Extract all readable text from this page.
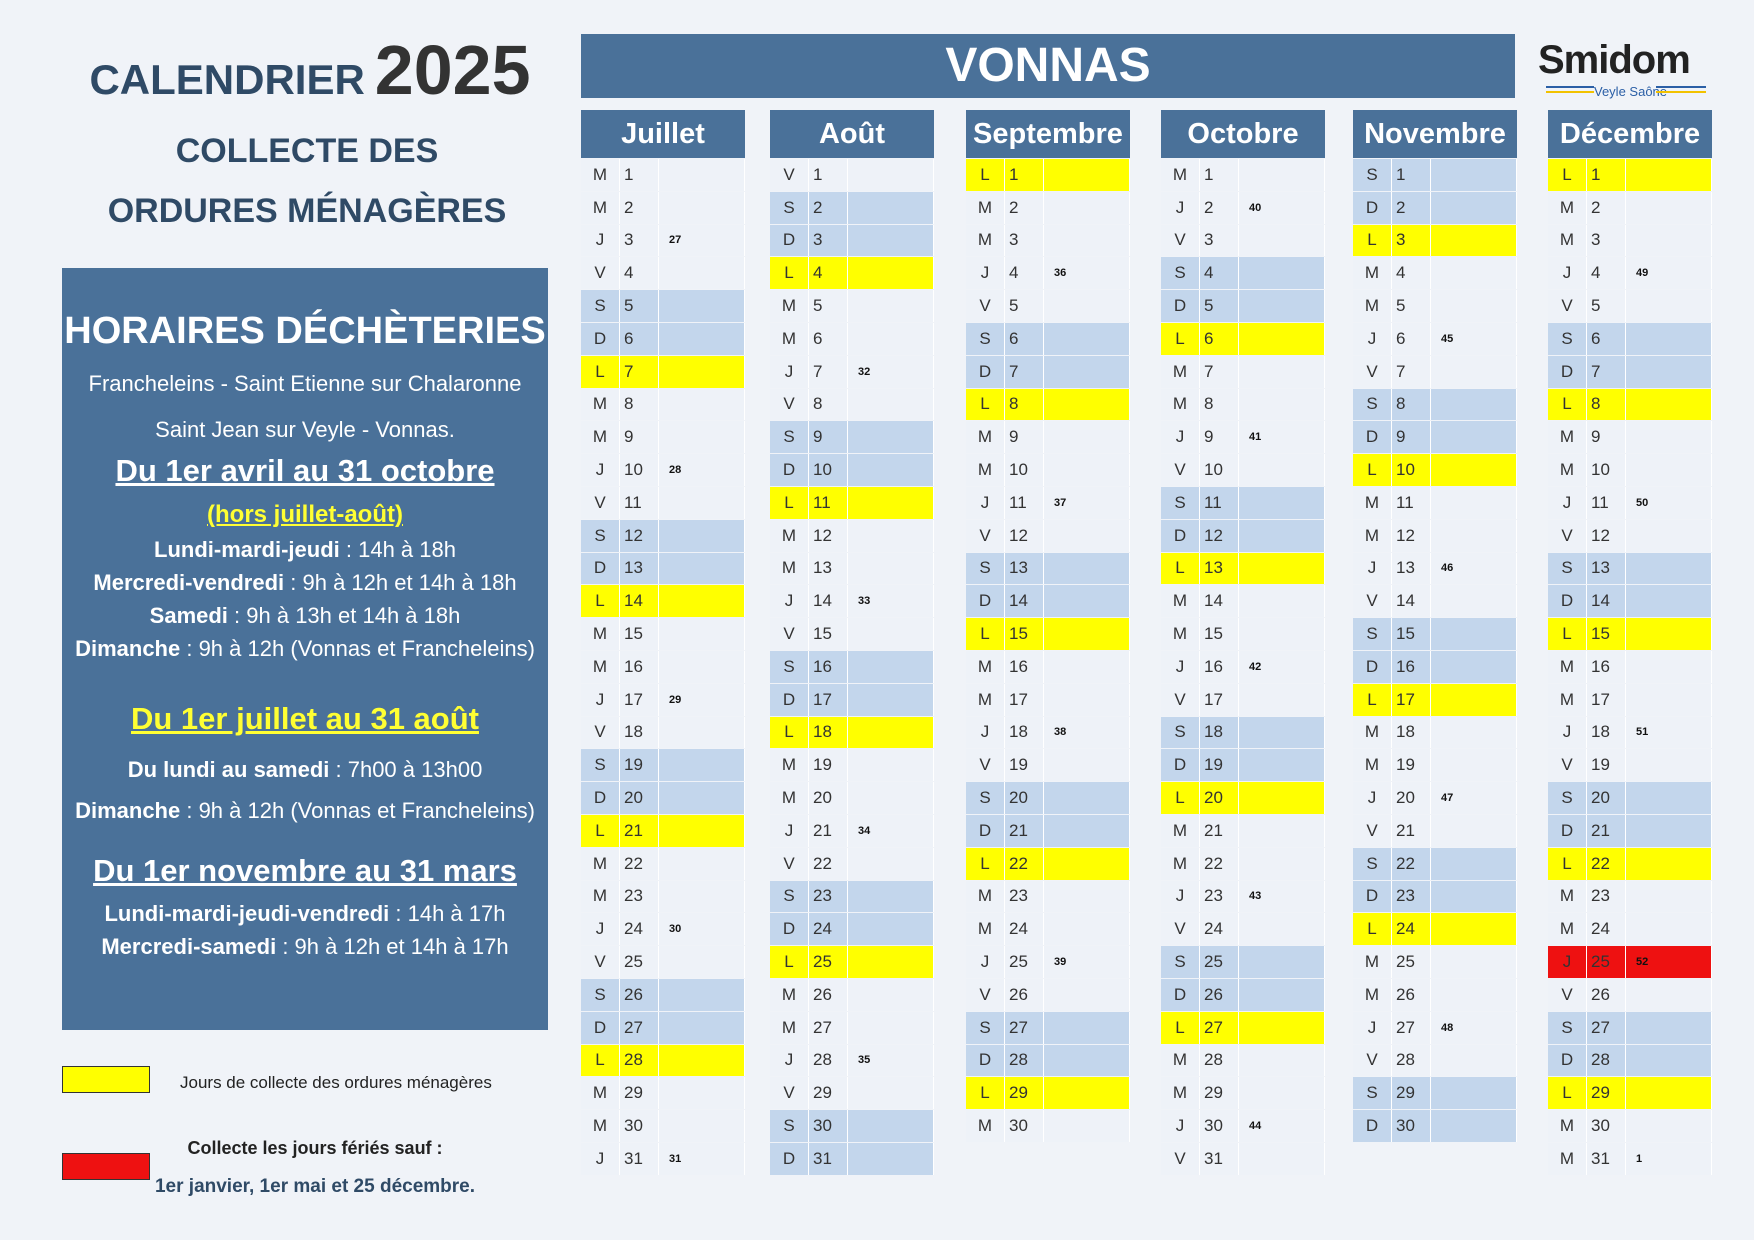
CALENDRIER 2025
COLLECTE DES
ORDURES MÉNAGÈRES
HORAIRES DÉCHÈTERIES
Francheleins - Saint Etienne sur Chalaronne
Saint Jean sur Veyle - Vonnas.
Du 1er avril au 31 octobre
(hors juillet-août)
Lundi-mardi-jeudi : 14h à 18h
Mercredi-vendredi : 9h à 12h et 14h à 18h
Samedi : 9h à 13h et 14h à 18h
Dimanche : 9h à 12h (Vonnas et Francheleins)
Du 1er juillet au 31 août
Du lundi au samedi : 7h00 à 13h00
Dimanche : 9h à 12h (Vonnas et Francheleins)
Du 1er novembre au 31 mars
Lundi-mardi-jeudi-vendredi : 14h à 17h
Mercredi-samedi : 9h à 12h et 14h à 17h
Jours de collecte des ordures ménagères
Collecte les jours fériés sauf :
1er janvier, 1er mai et 25 décembre.
VONNAS	Smidom
Veyle Saône
Juillet
M 1
M 2
J	3	27
V	4
S	5
D	6
L	7
M 8
M 9
J	10	28
V	11
S	12
D	13
L	14
M 15
M 16
J	17	29
V	18
S	19
D	20
L	21
M 22
M 23
J	24	30
V	25
S	26
D	27
L	28
M 29
M 30
J	31	31
Août
V	1
S	2
D	3
L	4
M 5
M 6
J	7	32
V	8
S	9
D	10
L	11
M 12
M 13
J	14	33
V	15
S	16
D	17
L	18
M 19
M 20
J	21	34
V	22
S	23
D	24
L	25
M 26
M 27
J	28	35
V	29
S	30
D	31
Septembre
L	1
M 2
M 3
J	4	36
V	5
S	6
D	7
L	8
M 9
M 10
J	11	37
V	12
S	13
D	14
L	15
M 16
M 17
J	18	38
V	19
S	20
D	21
L	22
M 23
M 24
J	25	39
V	26
S	27
D	28
L	29
M 30
Octobre
M 1
J	2	40
V	3
S	4
D	5
L	6
M 7
M 8
J	9	41
V	10
S	11
D	12
L	13
M 14
M 15
J	16	42
V	17
S	18
D	19
L	20
M 21
M 22
J	23	43
V	24
S	25
D	26
L	27
M 28
M 29
J	30	44
V	31
Novembre
S	1
D	2
L	3
M 4
M 5
J	6	45
V	7
S	8
D	9
L	10
M 11
M 12
J	13	46
V	14
S	15
D	16
L	17
M 18
M 19
J	20	47
V	21
S	22
D	23
L	24
M 25
M 26
J	27	48
V	28
S	29
D	30
Décembre
L	1
M 2
M 3
J	4	49
V	5
S	6
D	7
L	8
M 9
M 10
J	11	50
V	12
S	13
D	14
L	15
M 16
M 17
J	18	51
V	19
S	20
D	21
L	22
M 23
M 24
J	25	52
V	26
S	27
D	28
L	29
M 30
M 31	1
